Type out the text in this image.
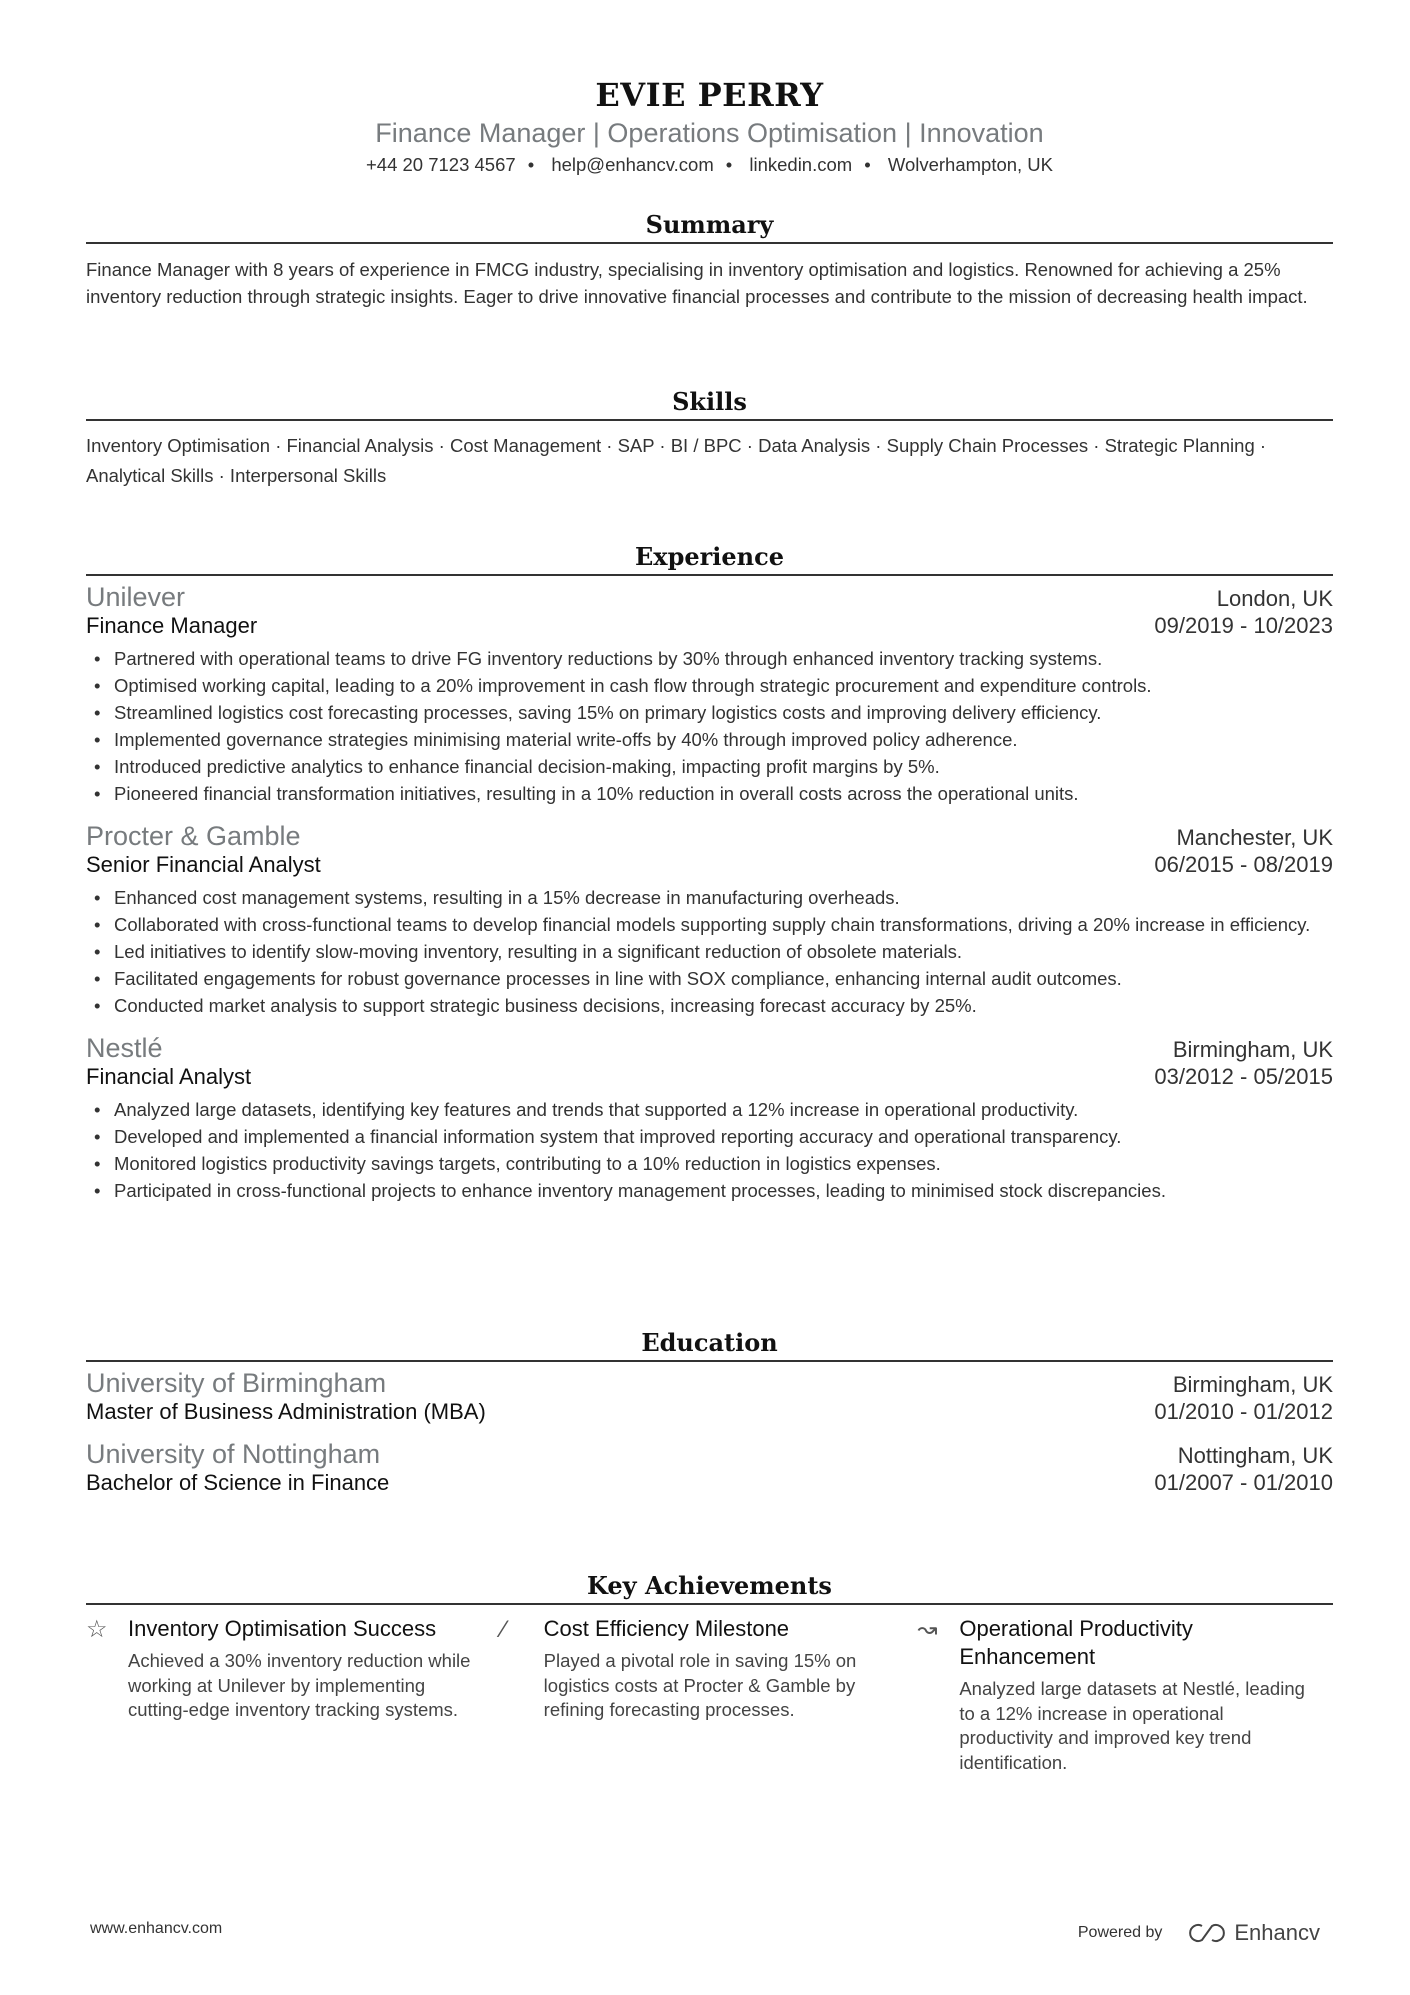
EVIE PERRY
Finance Manager | Operations Optimisation | Innovation
+44 20 7123 4567 • help@enhancv.com • linkedin.com • Wolverhampton, UK
Summary
Finance Manager with 8 years of experience in FMCG industry, specialising in inventory optimisation and logistics. Renowned for achieving a 25% inventory reduction through strategic insights. Eager to drive innovative financial processes and contribute to the mission of decreasing health impact.
Skills
Inventory Optimisation · Financial Analysis · Cost Management · SAP · BI / BPC · Data Analysis · Supply Chain Processes · Strategic Planning · Analytical Skills · Interpersonal Skills
Experience
Unilever	London, UK
Finance Manager	09/2019 - 10/2023
• Partnered with operational teams to drive FG inventory reductions by 30% through enhanced inventory tracking systems.
• Optimised working capital, leading to a 20% improvement in cash flow through strategic procurement and expenditure controls.
• Streamlined logistics cost forecasting processes, saving 15% on primary logistics costs and improving delivery efficiency.
• Implemented governance strategies minimising material write-offs by 40% through improved policy adherence.
• Introduced predictive analytics to enhance financial decision-making, impacting profit margins by 5%.
• Pioneered financial transformation initiatives, resulting in a 10% reduction in overall costs across the operational units.
Procter & Gamble	Manchester, UK
Senior Financial Analyst	06/2015 - 08/2019
• Enhanced cost management systems, resulting in a 15% decrease in manufacturing overheads.
• Collaborated with cross-functional teams to develop financial models supporting supply chain transformations, driving a 20% increase in efficiency.
• Led initiatives to identify slow-moving inventory, resulting in a significant reduction of obsolete materials.
• Facilitated engagements for robust governance processes in line with SOX compliance, enhancing internal audit outcomes.
• Conducted market analysis to support strategic business decisions, increasing forecast accuracy by 25%.
Nestlé	Birmingham, UK
Financial Analyst	03/2012 - 05/2015
• Analyzed large datasets, identifying key features and trends that supported a 12% increase in operational productivity.
• Developed and implemented a financial information system that improved reporting accuracy and operational transparency.
• Monitored logistics productivity savings targets, contributing to a 10% reduction in logistics expenses.
• Participated in cross-functional projects to enhance inventory management processes, leading to minimised stock discrepancies.
Education
University of Birmingham	Birmingham, UK
Master of Business Administration (MBA)	01/2010 - 01/2012
University of Nottingham	Nottingham, UK
Bachelor of Science in Finance	01/2007 - 01/2010
Key Achievements
☆ Inventory Optimisation Success
Achieved a 30% inventory reduction while working at Unilever by implementing cutting-edge inventory tracking systems.
⁄	Cost Efficiency Milestone
Played a pivotal role in saving 15% on logistics costs at Procter & Gamble by refining forecasting processes.
↝ Operational Productivity Enhancement
Analyzed large datasets at Nestlé, leading to a 12% increase in operational productivity and improved key trend identification.
www.enhancv.com	Powered by	Enhancv
